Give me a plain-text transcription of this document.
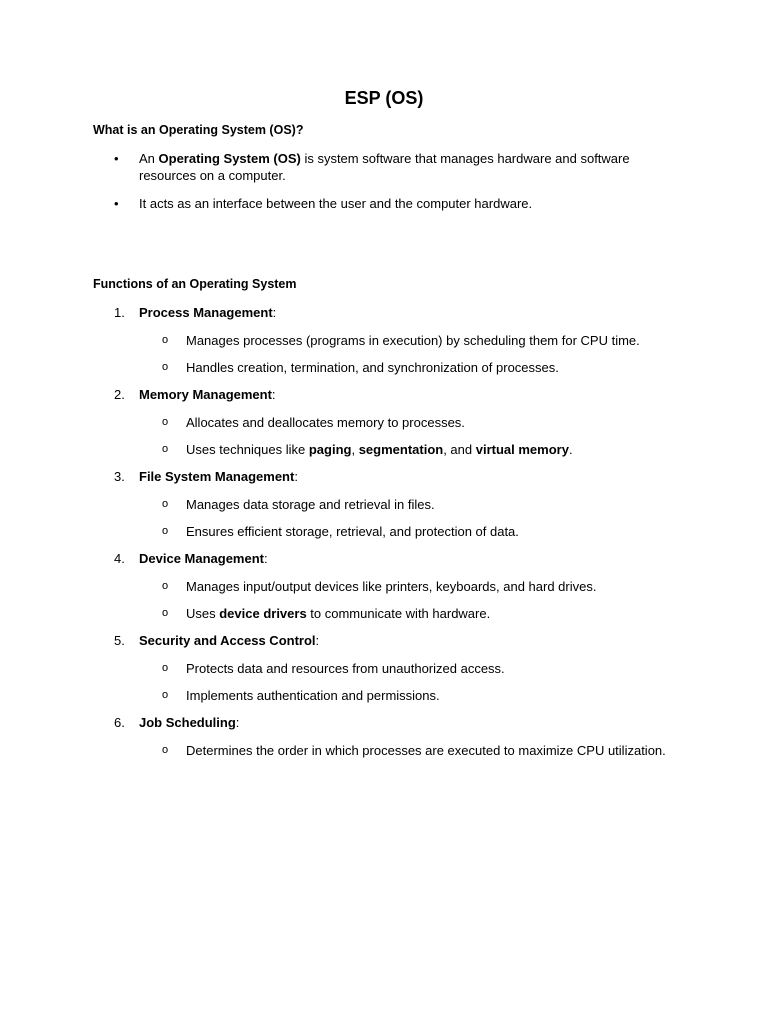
ESP (OS)
What is an Operating System (OS)?
• An Operating System (OS) is system software that manages hardware and software resources on a computer.
• It acts as an interface between the user and the computer hardware.
Functions of an Operating System
1. Process Management:
o Manages processes (programs in execution) by scheduling them for CPU time.
o Handles creation, termination, and synchronization of processes.
2. Memory Management:
o Allocates and deallocates memory to processes.
o Uses techniques like paging, segmentation, and virtual memory.
3. File System Management:
o Manages data storage and retrieval in files.
o Ensures efficient storage, retrieval, and protection of data.
4. Device Management:
o Manages input/output devices like printers, keyboards, and hard drives.
o Uses device drivers to communicate with hardware.
5. Security and Access Control:
o Protects data and resources from unauthorized access.
o Implements authentication and permissions.
6. Job Scheduling:
o Determines the order in which processes are executed to maximize CPU utilization.
